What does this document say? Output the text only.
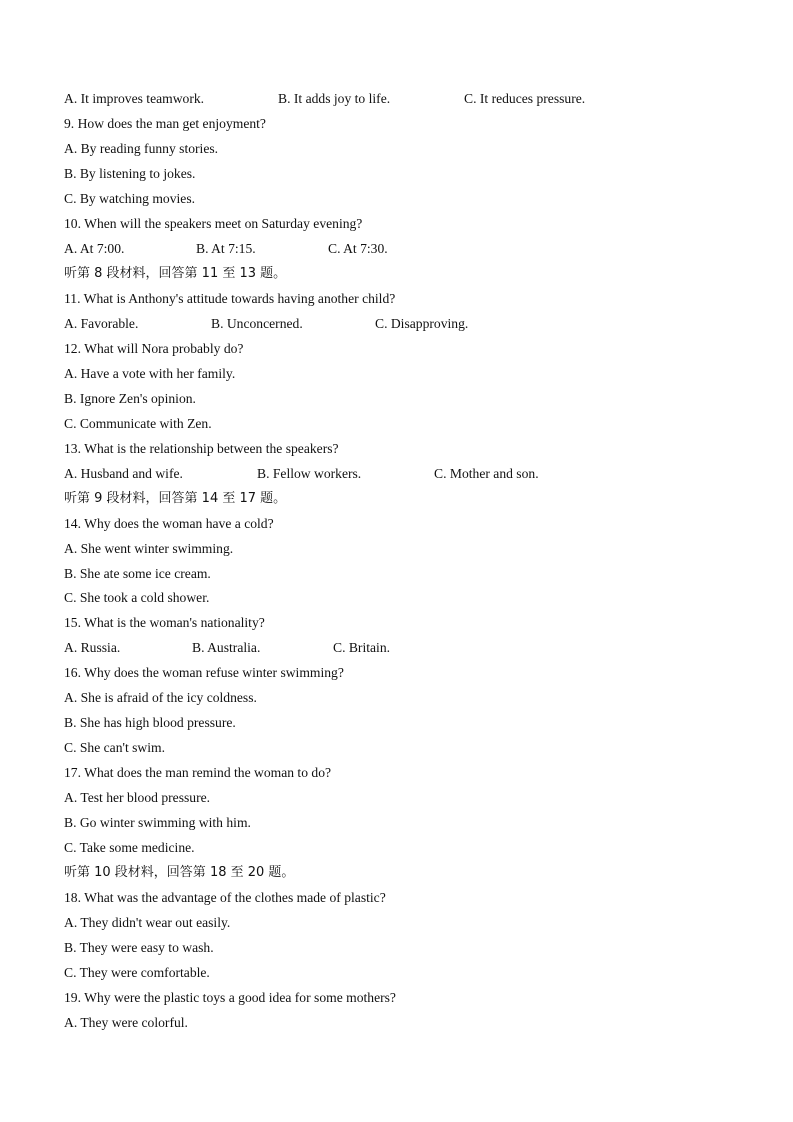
A. It improves teamwork.	B. It adds joy to life.	C. It reduces pressure.
9. How does the man get enjoyment?
A. By reading funny stories.
B. By listening to jokes.
C. By watching movies.
10. When will the speakers meet on Saturday evening?
A. At 7:00.	B. At 7:15.	C. At 7:30.
听第 8 段材料，回答第 11 至 13 题。
11. What is Anthony's attitude towards having another child?
A. Favorable.	B. Unconcerned.	C. Disapproving.
12. What will Nora probably do?
A. Have a vote with her family.
B. Ignore Zen's opinion.
C. Communicate with Zen.
13. What is the relationship between the speakers?
A. Husband and wife.	B. Fellow workers.	C. Mother and son.
听第 9 段材料，回答第 14 至 17 题。
14. Why does the woman have a cold?
A. She went winter swimming.
B. She ate some ice cream.
C. She took a cold shower.
15. What is the woman's nationality?
A. Russia.	B. Australia.	C. Britain.
16. Why does the woman refuse winter swimming?
A. She is afraid of the icy coldness.
B. She has high blood pressure.
C. She can't swim.
17. What does the man remind the woman to do?
A. Test her blood pressure.
B. Go winter swimming with him.
C. Take some medicine.
听第 10 段材料，回答第 18 至 20 题。
18. What was the advantage of the clothes made of plastic?
A. They didn't wear out easily.
B. They were easy to wash.
C. They were comfortable.
19. Why were the plastic toys a good idea for some mothers?
A. They were colorful.
